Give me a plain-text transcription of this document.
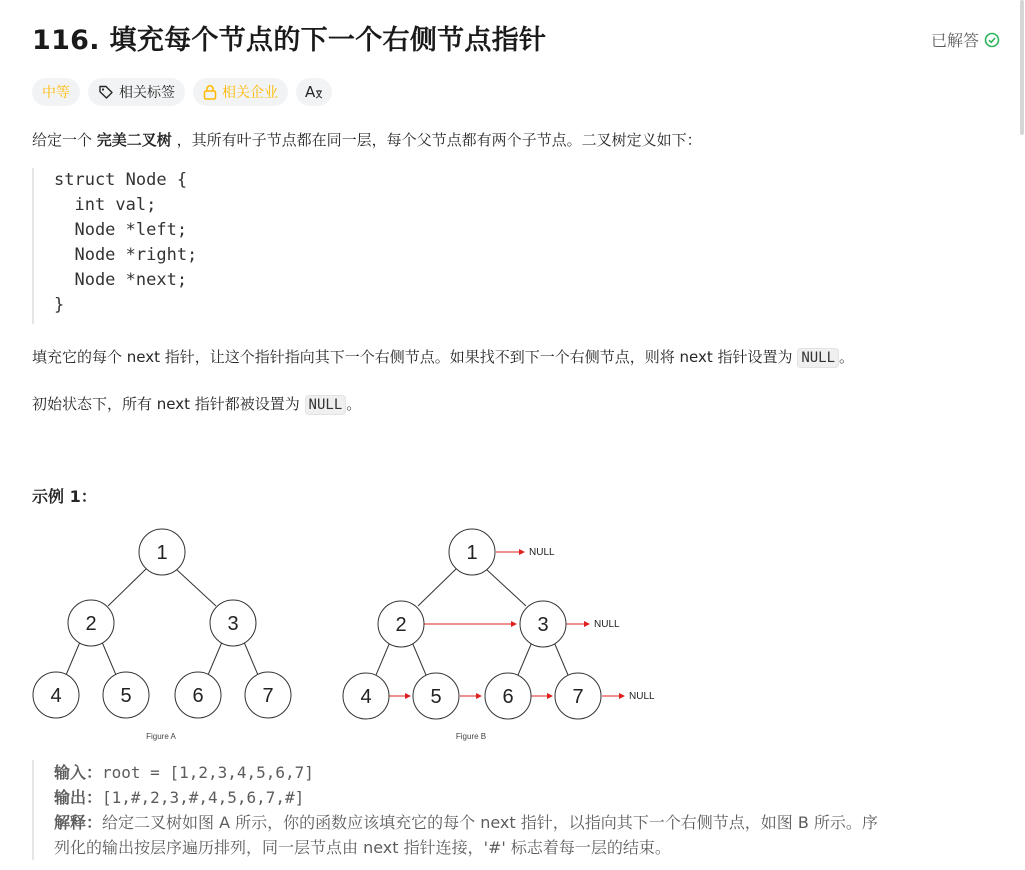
116. 填充每个节点的下一个右侧节点指针	已解答
中等	相关标签	相关企业 A
给定一个 完美二叉树 ，其所有叶子节点都在同一层，每个父节点都有两个子节点。二叉树定义如下：
struct Node {
int val;
Node *left;
Node *right;
Node *next;
}
填充它的每个 next 指针，让这个指针指向其下一个右侧节点。如果找不到下一个右侧节点，则将 next 指针设置为 NULL 。
初始状态下，所有 next 指针都被设置为 NULL 。
示例 1：
1
2	3
4	5	6	7
Figure A
1
2	3
4	5	6	7
NULL
NULL
NULL
Figure B
输入：root = [1,2,3,4,5,6,7]
输出：[1,#,2,3,#,4,5,6,7,#]
解释：给定二叉树如图 A 所示，你的函数应该填充它的每个 next 指针，以指向其下一个右侧节点，如图 B 所示。序
列化的输出按层序遍历排列，同一层节点由 next 指针连接，'#' 标志着每一层的结束。
